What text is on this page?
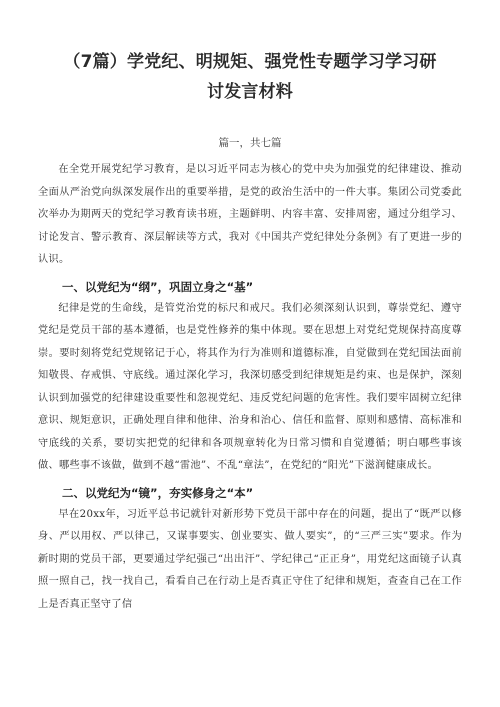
（7篇）学党纪、明规矩、强党性专题学习学习研讨发言材料
篇一，共七篇

在全党开展党纪学习教育，是以习近平同志为核心的党中央为加强党的纪律建设、推动全面从严治党向纵深发展作出的重要举措，是党的政治生活中的一件大事。集团公司党委此次举办为期两天的党纪学习教育读书班，主题鲜明、内容丰富、安排周密，通过分组学习、讨论发言、警示教育、深层解读等方式，我对《中国共产党纪律处分条例》有了更进一步的认识。

一、以党纪为“纲”，巩固立身之“基”

纪律是党的生命线，是管党治党的标尺和戒尺。我们必须深刻认识到，尊崇党纪、遵守党纪是党员干部的基本遵循，也是党性修养的集中体现。要在思想上对党纪党规保持高度尊崇。要时刻将党纪党规铭记于心，将其作为行为准则和道德标准，自觉做到在党纪国法面前知敬畏、存戒惧、守底线。通过深化学习，我深切感受到纪律规矩是约束、也是保护，深刻认识到加强党的纪律建设重要性和忽视党纪、违反党纪问题的危害性。我们要牢固树立纪律意识、规矩意识，正确处理自律和他律、治身和治心、信任和监督、原则和感情、高标准和守底线的关系，要切实把党的纪律和各项规章转化为日常习惯和自觉遵循；明白哪些事该做、哪些事不该做，做到不越“雷池”、不乱“章法”，在党纪的“阳光”下滋润健康成长。

二、以党纪为“镜”，夯实修身之“本”

早在20xx年，习近平总书记就针对新形势下党员干部中存在的问题，提出了“既严以修身、严以用权、严以律己，又谋事要实、创业要实、做人要实”，的“三严三实”要求。作为新时期的党员干部，更要通过学纪强己“出出汗”、学纪律己“正正身”，用党纪这面镜子认真照一照自己，找一找自己，看看自己在行动上是否真正守住了纪律和规矩，查查自己在工作上是否真正坚守了信
